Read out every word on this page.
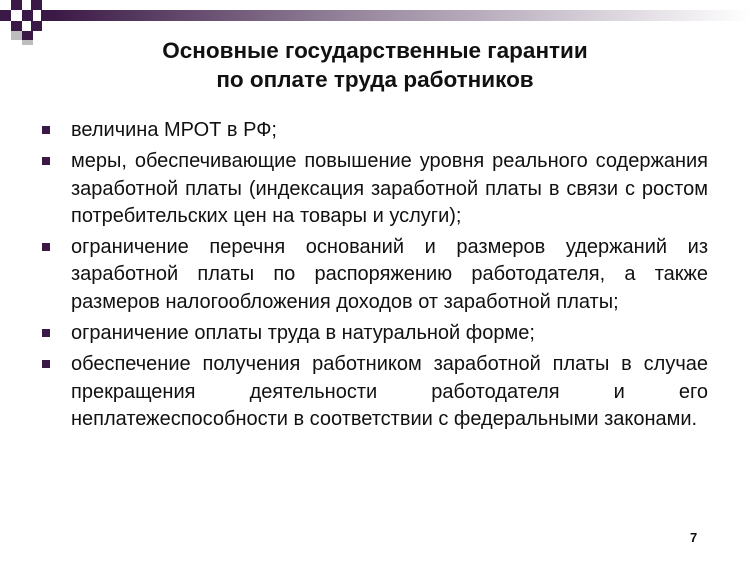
Основные государственные гарантии
по оплате труда работников
величина МРОТ в РФ;
меры, обеспечивающие повышение уровня реального содержания заработной платы (индексация заработной платы в связи с ростом потребительских цен на товары и услуги);
ограничение перечня оснований и размеров удержаний из заработной платы по распоряжению работодателя, а также размеров налогообложения доходов от заработной платы;
ограничение оплаты труда в натуральной форме;
обеспечение получения работником заработной платы в случае прекращения деятельности работодателя и его неплатежеспособности в соответствии с федеральными законами.
7
